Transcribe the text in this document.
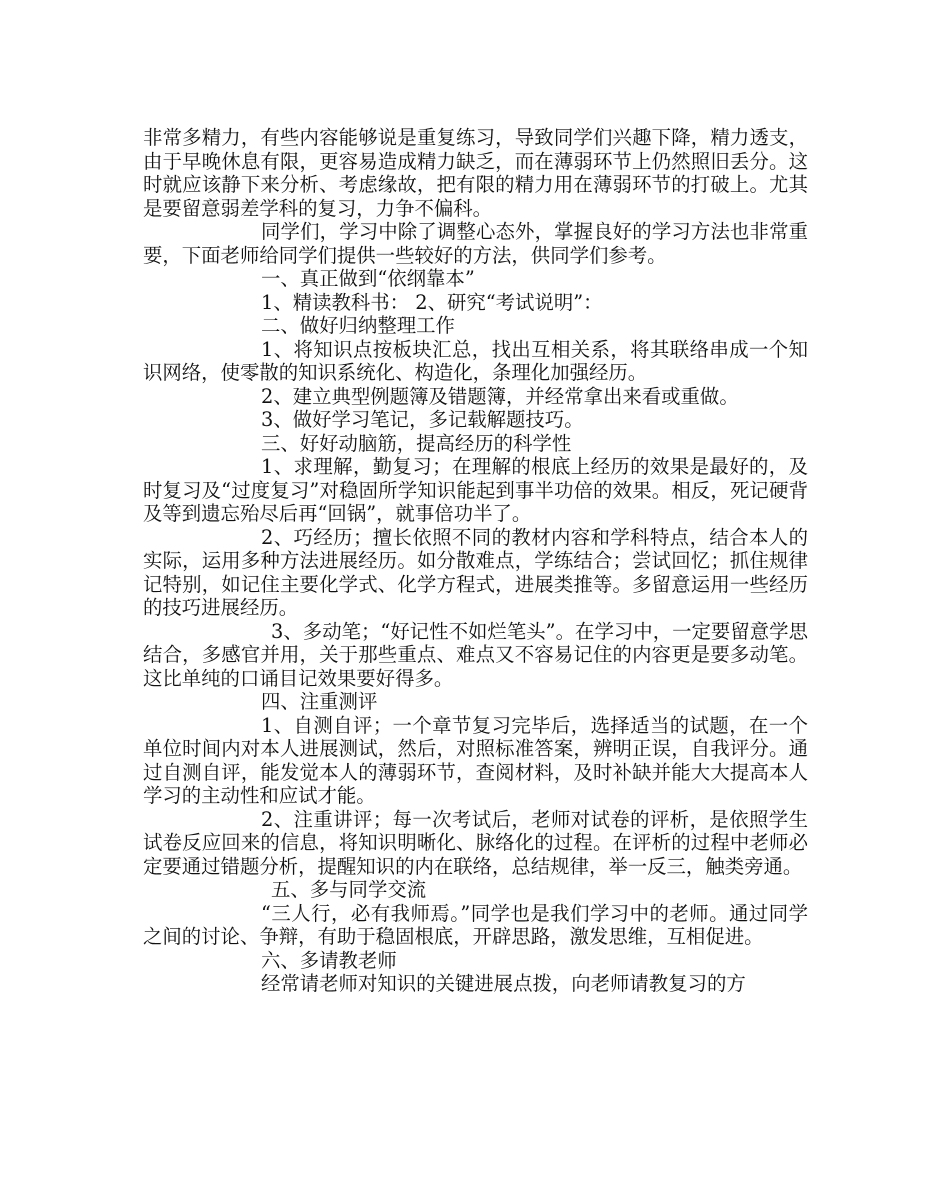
非常多精力，有些内容能够说是重复练习，导致同学们兴趣下降，精力透支，由于早晚休息有限，更容易造成精力缺乏，而在薄弱环节上仍然照旧丢分。这时就应该静下来分析、考虑缘故，把有限的精力用在薄弱环节的打破上。尤其是要留意弱差学科的复习，力争不偏科。

同学们，学习中除了调整心态外，掌握良好的学习方法也非常重要，下面老师给同学们提供一些较好的方法，供同学们参考。

一、真正做到“依纲靠本”

1、精读教科书： 2、研究“考试说明”：

二、做好归纳整理工作

1、将知识点按板块汇总，找出互相关系，将其联络串成一个知识网络，使零散的知识系统化、构造化，条理化加强经历。

2、建立典型例题簿及错题簿，并经常拿出来看或重做。

3、做好学习笔记，多记载解题技巧。

三、好好动脑筋，提高经历的科学性

1、求理解，勤复习；在理解的根底上经历的效果是最好的，及时复习及“过度复习”对稳固所学知识能起到事半功倍的效果。相反，死记硬背及等到遗忘殆尽后再“回锅”，就事倍功半了。

2、巧经历；擅长依照不同的教材内容和学科特点，结合本人的实际，运用多种方法进展经历。如分散难点，学练结合；尝试回忆；抓住规律记特别，如记住主要化学式、化学方程式，进展类推等。多留意运用一些经历的技巧进展经历。

3、多动笔；“好记性不如烂笔头”。在学习中，一定要留意学思结合，多感官并用，关于那些重点、难点又不容易记住的内容更是要多动笔。这比单纯的口诵目记效果要好得多。

四、注重测评

1、自测自评；一个章节复习完毕后，选择适当的试题，在一个单位时间内对本人进展测试，然后，对照标准答案，辨明正误，自我评分。通过自测自评，能发觉本人的薄弱环节，查阅材料，及时补缺并能大大提高本人学习的主动性和应试才能。

2、注重讲评；每一次考试后，老师对试卷的评析，是依照学生试卷反应回来的信息，将知识明晰化、脉络化的过程。在评析的过程中老师必定要通过错题分析，提醒知识的内在联络，总结规律，举一反三，触类旁通。

五、多与同学交流

“三人行，必有我师焉。”同学也是我们学习中的老师。通过同学之间的讨论、争辩，有助于稳固根底，开辟思路，激发思维，互相促进。

六、多请教老师

经常请老师对知识的关键进展点拨，向老师请教复习的方
